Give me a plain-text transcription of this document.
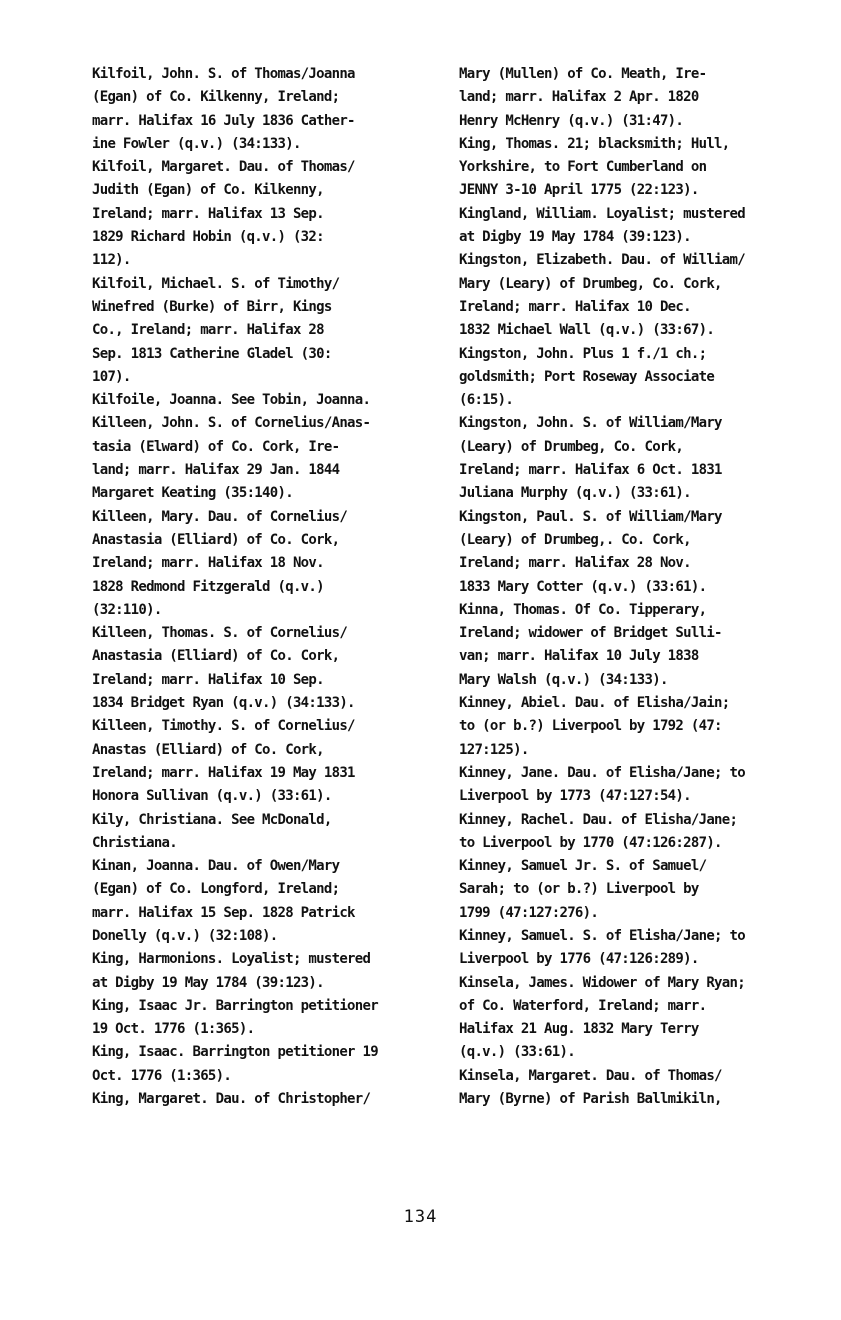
Kilfoil, John. S. of Thomas/Joanna
(Egan) of Co. Kilkenny, Ireland;
marr. Halifax 16 July 1836 Cather-
ine Fowler (q.v.) (34:133).

Kilfoil, Margaret. Dau. of Thomas/
Judith (Egan) of Co. Kilkenny,
Ireland; marr. Halifax 13 Sep.
1829 Richard Hobin (q.v.) (32:
112).

Kilfoil, Michael. S. of Timothy/
Winefred (Burke) of Birr, Kings
Co., Ireland; marr. Halifax 28
Sep. 1813 Catherine Gladel (30:
107).

Kilfoile, Joanna. See Tobin, Joanna.

Killeen, John. S. of Cornelius/Anas-
tasia (Elward) of Co. Cork, Ire-
land; marr. Halifax 29 Jan. 1844
Margaret Keating (35:140).

Killeen, Mary. Dau. of Cornelius/
Anastasia (Elliard) of Co. Cork,
Ireland; marr. Halifax 18 Nov.
1828 Redmond Fitzgerald (q.v.)
(32:110).

Killeen, Thomas. S. of Cornelius/
Anastasia (Elliard) of Co. Cork,
Ireland; marr. Halifax 10 Sep.
1834 Bridget Ryan (q.v.) (34:133).

Killeen, Timothy. S. of Cornelius/
Anastas (Elliard) of Co. Cork,
Ireland; marr. Halifax 19 May 1831
Honora Sullivan (q.v.) (33:61).

Kily, Christiana. See McDonald,
Christiana.

Kinan, Joanna. Dau. of Owen/Mary
(Egan) of Co. Longford, Ireland;
marr. Halifax 15 Sep. 1828 Patrick
Donelly (q.v.) (32:108).

King, Harmonions. Loyalist; mustered
at Digby 19 May 1784 (39:123).

King, Isaac Jr. Barrington petitioner
19 Oct. 1776 (1:365).

King, Isaac. Barrington petitioner 19
Oct. 1776 (1:365).

King, Margaret. Dau. of Christopher/

Mary (Mullen) of Co. Meath, Ire-
land; marr. Halifax 2 Apr. 1820
Henry McHenry (q.v.) (31:47).

King, Thomas. 21; blacksmith; Hull,
Yorkshire, to Fort Cumberland on
JENNY 3-10 April 1775 (22:123).

Kingland, William. Loyalist; mustered
at Digby 19 May 1784 (39:123).

Kingston, Elizabeth. Dau. of William/
Mary (Leary) of Drumbeg, Co. Cork,
Ireland; marr. Halifax 10 Dec.
1832 Michael Wall (q.v.) (33:67).

Kingston, John. Plus 1 f./1 ch.;
goldsmith; Port Roseway Associate
(6:15).

Kingston, John. S. of William/Mary
(Leary) of Drumbeg, Co. Cork,
Ireland; marr. Halifax 6 Oct. 1831
Juliana Murphy (q.v.) (33:61).

Kingston, Paul. S. of William/Mary
(Leary) of Drumbeg,. Co. Cork,
Ireland; marr. Halifax 28 Nov.
1833 Mary Cotter (q.v.) (33:61).

Kinna, Thomas. Of Co. Tipperary,
Ireland; widower of Bridget Sulli-
van; marr. Halifax 10 July 1838
Mary Walsh (q.v.) (34:133).

Kinney, Abiel. Dau. of Elisha/Jain;
to (or b.?) Liverpool by 1792 (47:
127:125).

Kinney, Jane. Dau. of Elisha/Jane; to
Liverpool by 1773 (47:127:54).

Kinney, Rachel. Dau. of Elisha/Jane;
to Liverpool by 1770 (47:126:287).

Kinney, Samuel Jr. S. of Samuel/
Sarah; to (or b.?) Liverpool by
1799 (47:127:276).

Kinney, Samuel. S. of Elisha/Jane; to
Liverpool by 1776 (47:126:289).

Kinsela, James. Widower of Mary Ryan;
of Co. Waterford, Ireland; marr.
Halifax 21 Aug. 1832 Mary Terry
(q.v.) (33:61).

Kinsela, Margaret. Dau. of Thomas/
Mary (Byrne) of Parish Ballmikiln,

134
